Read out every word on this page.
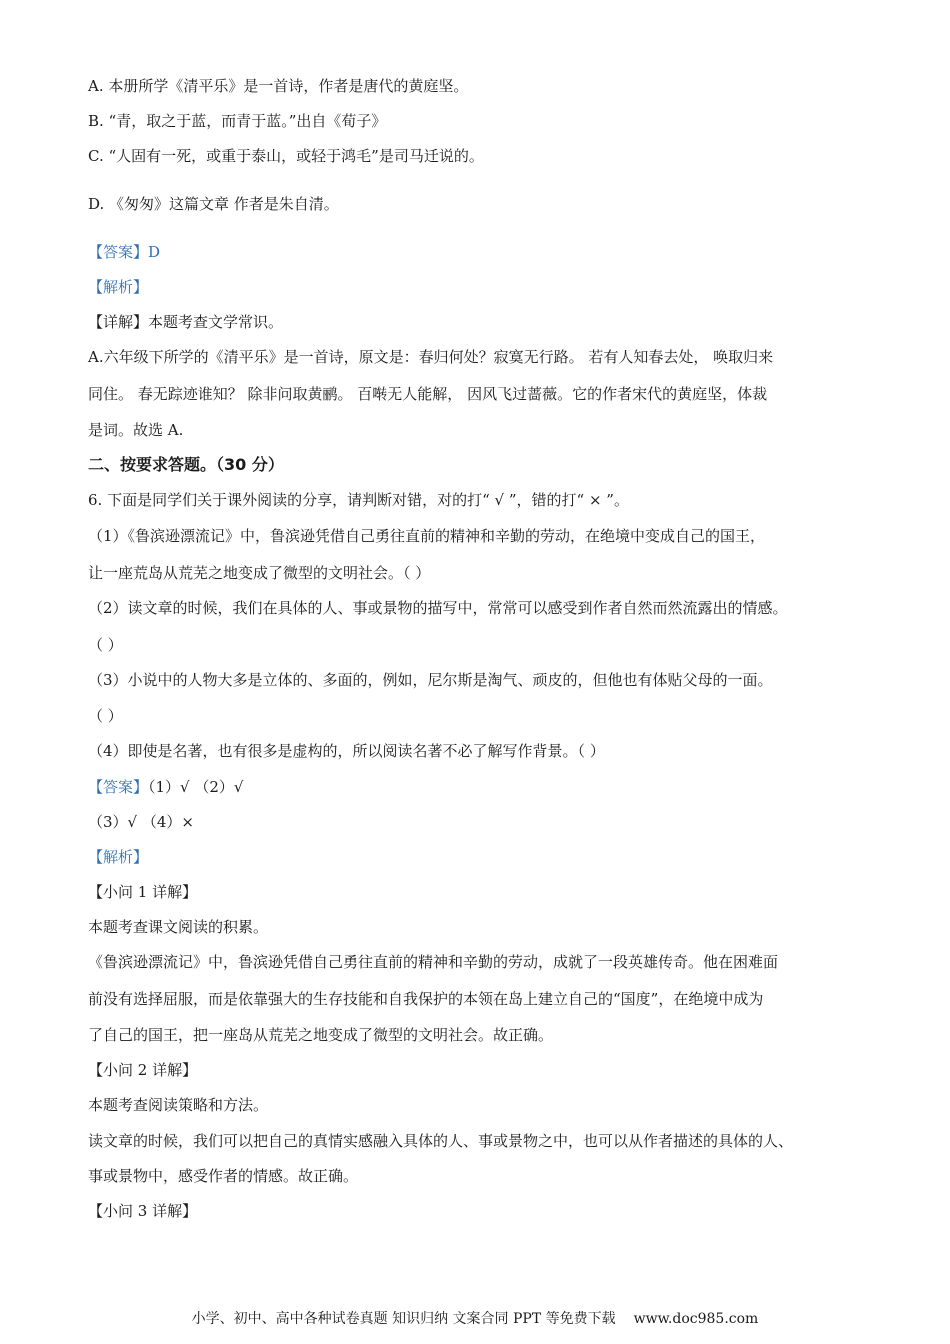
A. 本册所学《清平乐》是一首诗，作者是唐代的黄庭坚。
B. “青，取之于蓝，而青于蓝。”出自《荀子》
C. “人固有一死，或重于泰山，或轻于鸿毛”是司马迁说的。
D. 《匆匆》这篇文章 作者是朱自清。
【答案】D
【解析】
【详解】本题考查文学常识。
A.六年级下所学的《清平乐》是一首诗，原文是：春归何处？寂寞无行路。 若有人知春去处， 唤取归来
同住。 春无踪迹谁知？ 除非问取黄鹂。 百啭无人能解， 因风飞过蔷薇。它的作者宋代的黄庭坚，体裁
是词。故选 A.
二、按要求答题。（30 分）
6. 下面是同学们关于课外阅读的分享，请判断对错，对的打“ √ ”，错的打“ × ”。
（1）《鲁滨逊漂流记》中，鲁滨逊凭借自己勇往直前的精神和辛勤的劳动，在绝境中变成自己的国王，
让一座荒岛从荒芜之地变成了微型的文明社会。（ ）
（2）读文章的时候，我们在具体的人、事或景物的描写中，常常可以感受到作者自然而然流露出的情感。
（ ）
（3）小说中的人物大多是立体的、多面的，例如，尼尔斯是淘气、顽皮的，但他也有体贴父母的一面。
（ ）
（4）即使是名著，也有很多是虚构的，所以阅读名著不必了解写作背景。（ ）
【答案】（1）√ （2）√
（3）√ （4）×
【解析】
【小问 1 详解】
本题考查课文阅读的积累。
《鲁滨逊漂流记》中，鲁滨逊凭借自己勇往直前的精神和辛勤的劳动，成就了一段英雄传奇。他在困难面
前没有选择屈服，而是依靠强大的生存技能和自我保护的本领在岛上建立自己的“国度”，在绝境中成为
了自己的国王，把一座岛从荒芜之地变成了微型的文明社会。故正确。
【小问 2 详解】
本题考查阅读策略和方法。
读文章的时候，我们可以把自己的真情实感融入具体的人、事或景物之中，也可以从作者描述的具体的人、
事或景物中，感受作者的情感。故正确。
【小问 3 详解】
小学、初中、高中各种试卷真题 知识归纳 文案合同 PPT 等免费下载 www.doc985.com
